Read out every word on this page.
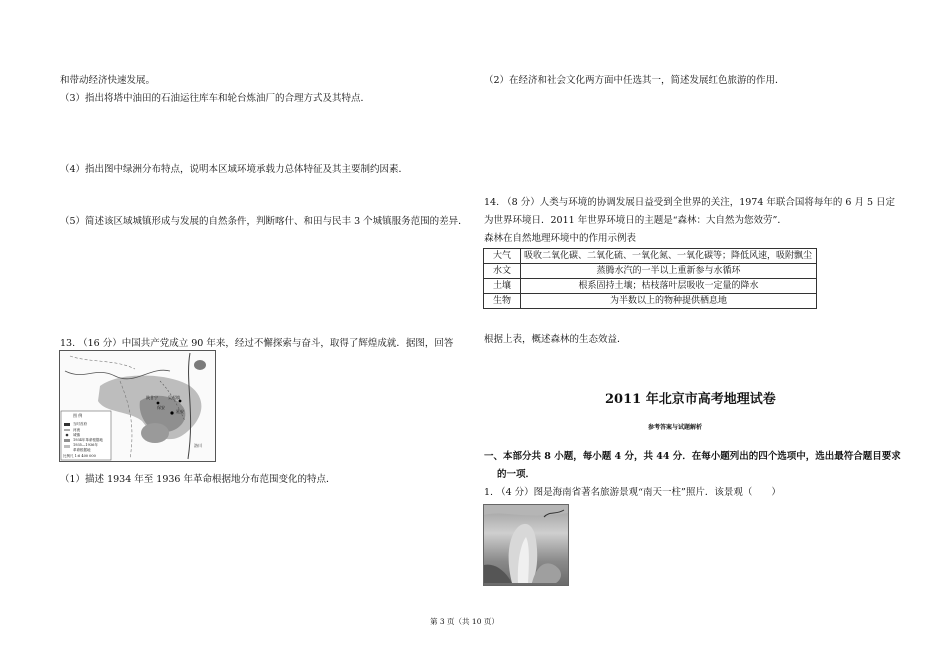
和带动经济快速发展。
（3）指出将塔中油田的石油运往库车和轮台炼油厂的合理方式及其特点．
（4）指出图中绿洲分布特点，说明本区域环境承载力总体特征及其主要制约因素．
（5）简述该区域城镇形成与发展的自然条件，判断喀什、和田与民丰 3 个城镇服务范围的差异．
13. （16 分）中国共产党成立 90 年来，经过不懈探索与奋斗，取得了辉煌成就．据图，回答
图 例
当时首府
河流
城镇
1934年革命根据地
1935—1936年
革命根据地
比例尺 1:6 400 000
延安
陕甘宁	吴起镇
保安
洛川
（1）描述 1934 年至 1936 年革命根据地分布范围变化的特点．
（2）在经济和社会文化两方面中任选其一，简述发展红色旅游的作用．
14. （8 分）人类与环境的协调发展日益受到全世界的关注，1974 年联合国将每年的 6 月 5 日定
为世界环境日．2011 年世界环境日的主题是“森林：大自然为您效劳”．
森林在自然地理环境中的作用示例表
大气	吸收二氧化碳、二氧化硫、一氧化氮、一氧化碳等；降低风速，吸附飘尘
水文	蒸腾水汽的一半以上重新参与水循环
土壤	根系固持土壤；枯枝落叶层吸收一定量的降水
生物	为半数以上的物种提供栖息地
根据上表，概述森林的生态效益．
2011 年北京市高考地理试卷
参考答案与试题解析
一、本部分共 8 小题，每小题 4 分，共 44 分．在每小题列出的四个选项中，选出最符合题目要求
的一项．
1. （4 分）图是海南省著名旅游景观“南天一柱”照片．该景观（　　）
第 3 页（共 10 页）
